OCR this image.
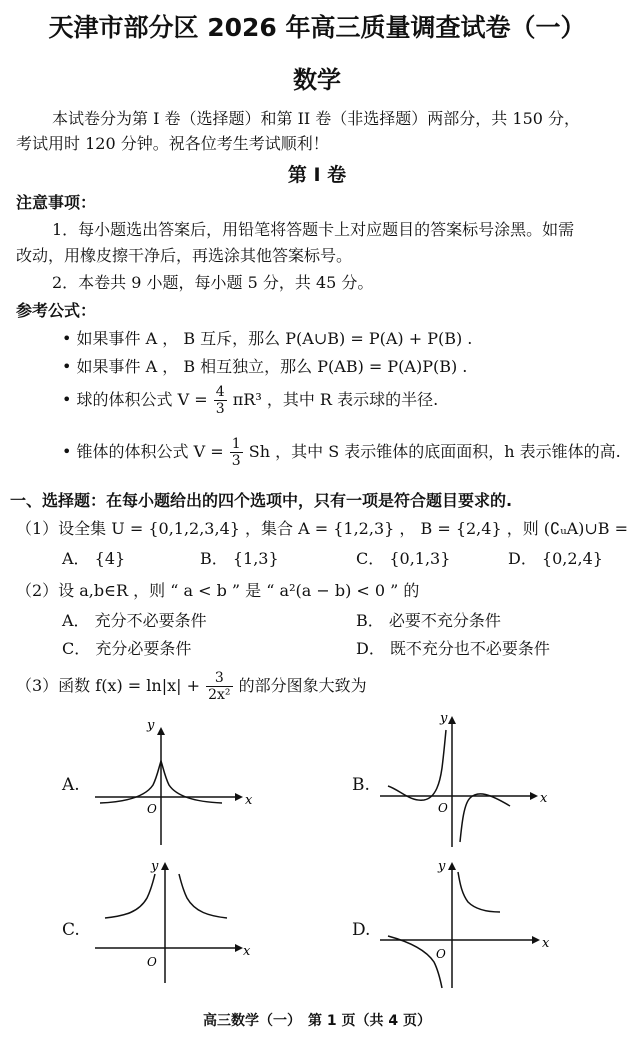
天津市部分区 2026 年高三质量调查试卷（一）
数学
本试卷分为第 I 卷（选择题）和第 II 卷（非选择题）两部分，共 150 分，
考试用时 120 分钟。祝各位考生考试顺利！
第 I 卷
注意事项：
1．每小题选出答案后，用铅笔将答题卡上对应题目的答案标号涂黑。如需
改动，用橡皮擦干净后，再选涂其他答案标号。
2．本卷共 9 小题，每小题 5 分，共 45 分。
参考公式：
• 如果事件 A ， B 互斥，那么 P(A∪B) = P(A) + P(B) .
• 如果事件 A ， B 相互独立，那么 P(AB) = P(A)P(B) .
• 球的体积公式 $V = \frac{4}{3} \pi R^3$ ，其中 R 表示球的半径.
• 锥体的体积公式 $V = \frac{1}{3}$ Sh ，其中 S 表示锥体的底面面积，h 表示锥体的高.
一、选择题：在每小题给出的四个选项中，只有一项是符合题目要求的.
（1）设全集 U = {0,1,2,3,4} ，集合 A = {1,2,3} ， B = {2,4} ，则 (∁ᵤA)∪B =
A． {4}	B． {1,3}	C． {0,1,3}	D． {0,2,4}
（2）设 a,b∈R ，则 “ a < b ” 是 “ a²(a − b) < 0 ” 的
A． 充分不必要条件	B． 必要不充分条件
C． 充分必要条件	D． 既不充分也不必要条件
（3）函数 $f(x) = \ln|x| + \frac{3}{\text{2x²}}$ 的部分图象大致为
A.
x
y
O
B.
x
y
O
C.
x
y
O
D.
x
y
O
高三数学（一）　第 1 页（共 4 页）
